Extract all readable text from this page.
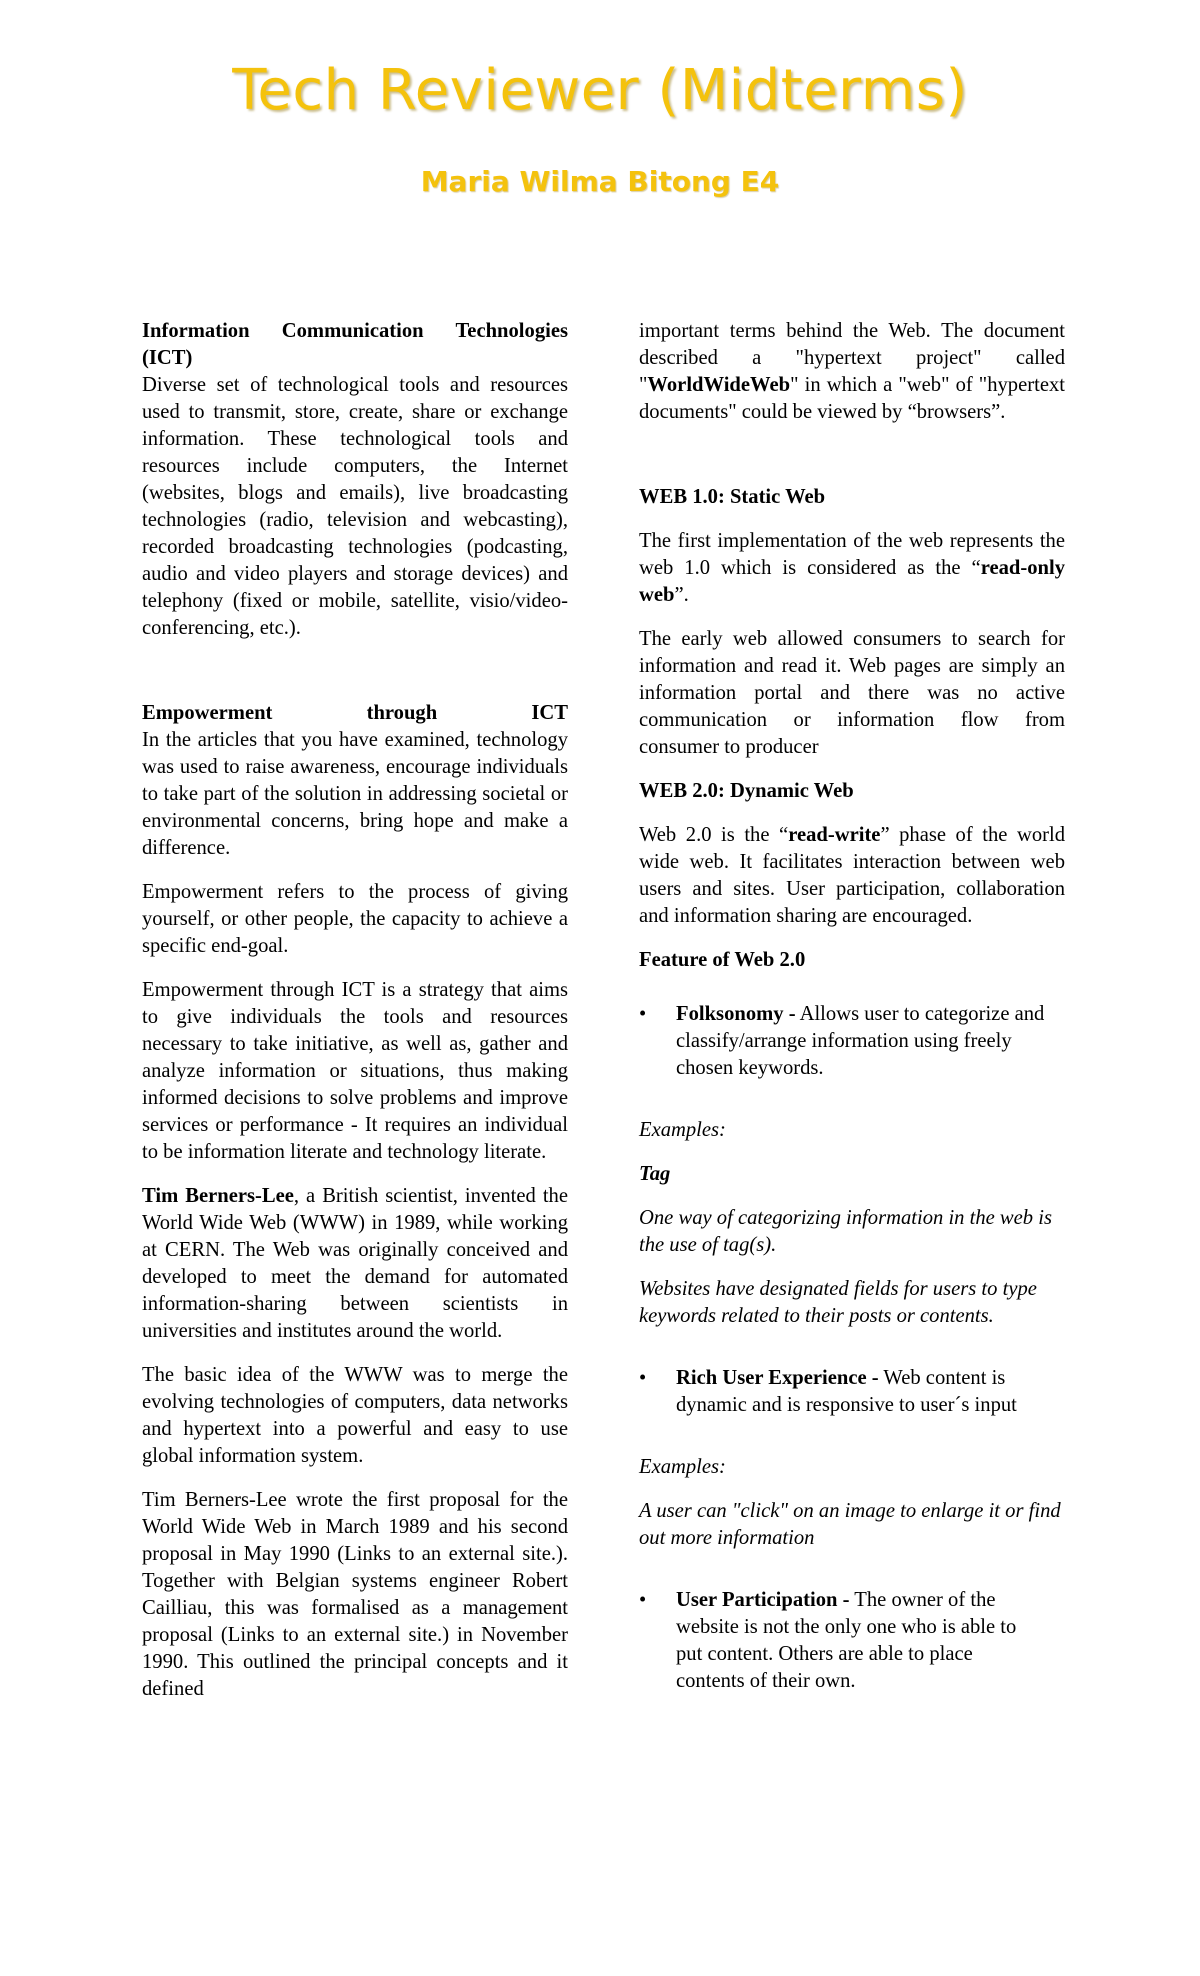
Tech Reviewer (Midterms)
Maria Wilma Bitong E4

Information Communication Technologies (ICT)

Diverse set of technological tools and resources used to transmit, store, create, share or exchange information. These technological tools and resources include computers, the Internet (websites, blogs and emails), live broadcasting technologies (radio, television and webcasting), recorded broadcasting technologies (podcasting, audio and video players and storage devices) and telephony (fixed or mobile, satellite, visio/video-conferencing, etc.).

Empowerment through ICT

In the articles that you have examined, technology was used to raise awareness, encourage individuals to take part of the solution in addressing societal or environmental concerns, bring hope and make a difference.

Empowerment refers to the process of giving yourself, or other people, the capacity to achieve a specific end-goal.

Empowerment through ICT is a strategy that aims to give individuals the tools and resources necessary to take initiative, as well as, gather and analyze information or situations, thus making informed decisions to solve problems and improve services or performance - It requires an individual to be information literate and technology literate.

Tim Berners-Lee, a British scientist, invented the World Wide Web (WWW) in 1989, while working at CERN. The Web was originally conceived and developed to meet the demand for automated information-sharing between scientists in universities and institutes around the world.

The basic idea of the WWW was to merge the evolving technologies of computers, data networks and hypertext into a powerful and easy to use global information system.

Tim Berners-Lee wrote the first proposal for the World Wide Web in March 1989 and his second proposal in May 1990 (Links to an external site.). Together with Belgian systems engineer Robert Cailliau, this was formalised as a management proposal (Links to an external site.) in November 1990. This outlined the principal concepts and it defined

important terms behind the Web. The document described a "hypertext project" called "WorldWideWeb" in which a "web" of "hypertext documents" could be viewed by “browsers”.

WEB 1.0: Static Web

The first implementation of the web represents the web 1.0 which is considered as the “read-only web”.

The early web allowed consumers to search for information and read it. Web pages are simply an information portal and there was no active communication or information flow from consumer to producer

WEB 2.0: Dynamic Web

Web 2.0 is the “read-write” phase of the world wide web. It facilitates interaction between web users and sites. User participation, collaboration and information sharing are encouraged.

Feature of Web 2.0

•	Folksonomy - Allows user to categorize and classify/arrange information using freely chosen keywords.

Examples:

Tag

One way of categorizing information in the web is the use of tag(s).

Websites have designated fields for users to type keywords related to their posts or contents.

•	Rich User Experience - Web content is dynamic and is responsive to user´s input

Examples:

A user can "click" on an image to enlarge it or find out more information

•	User Participation - The owner of the website is not the only one who is able to put content. Others are able to place contents of their own.
